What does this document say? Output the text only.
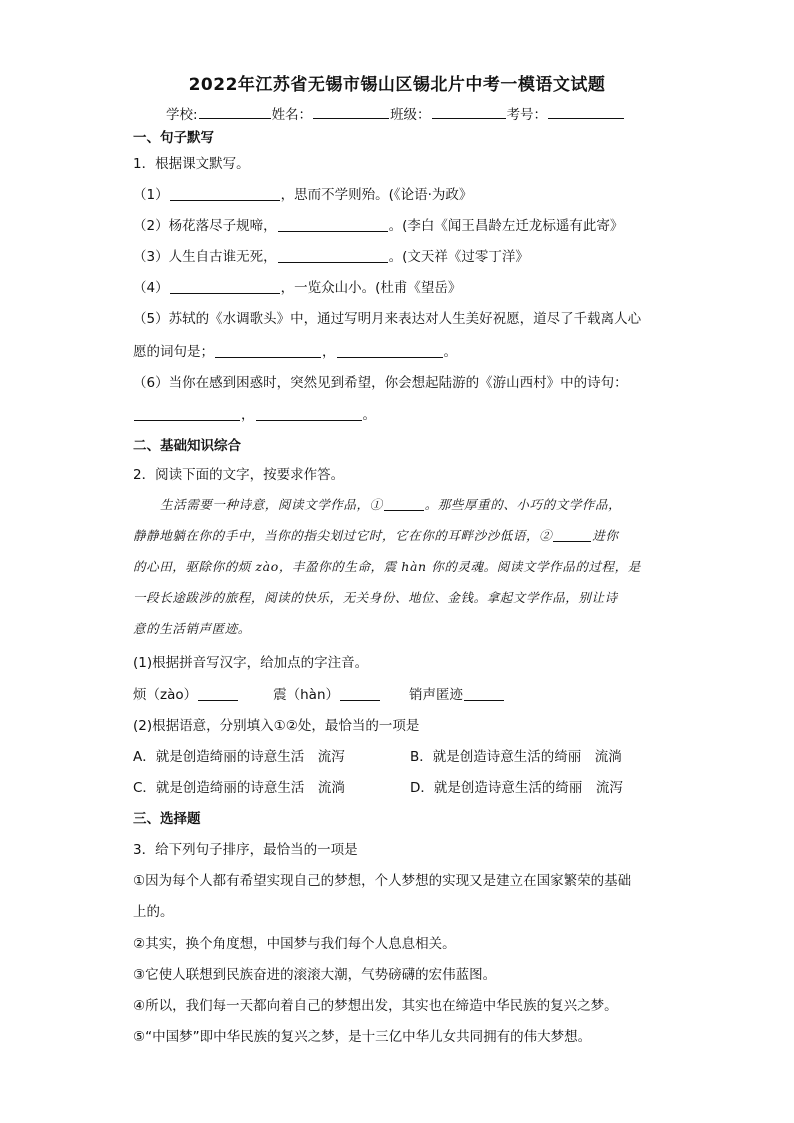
2022年江苏省无锡市锡山区锡北片中考一模语文试题
学校:	姓名：	班级：	考号：
一、句子默写
1．根据课文默写。
（1）	，思而不学则殆。(《论语·为政》
（2）杨花落尽子规啼，	。(李白《闻王昌龄左迁龙标遥有此寄》
（3）人生自古谁无死，	。(文天祥《过零丁洋》
（4）	，一览众山小。(杜甫《望岳》
（5）苏轼的《水调歌头》中，通过写明月来表达对人生美好祝愿，道尽了千载离人心
愿的词句是；	，	。
（6）当你在感到困惑时，突然见到希望，你会想起陆游的《游山西村》中的诗句：
，	。
二、基础知识综合
2．阅读下面的文字，按要求作答。
生活需要一种诗意，阅读文学作品，①	。那些厚重的、小巧的文学作品，
静静地躺在你的手中，当你的指尖划过它时，它在你的耳畔沙沙低语，②	进你
的心田，驱除你的烦 zào，丰盈你的生命，震 hàn 你的灵魂。阅读文学作品的过程，是
一段长途跋涉的旅程，阅读的快乐，无关身份、地位、金钱。拿起文学作品，别让诗
意的生活销声匿迹。
(1)根据拼音写汉字，给加点的字注音。
烦（zào）	震（hàn）	销声匿迹
(2)根据语意，分别填入①②处，最恰当的一项是
A．就是创造绮丽的诗意生活　流泻	B．就是创造诗意生活的绮丽　流淌
C．就是创造绮丽的诗意生活　流淌	D．就是创造诗意生活的绮丽　流泻
三、选择题
3．给下列句子排序，最恰当的一项是
①因为每个人都有希望实现自己的梦想，个人梦想的实现又是建立在国家繁荣的基础
上的。
②其实，换个角度想，中国梦与我们每个人息息相关。
③它使人联想到民族奋进的滚滚大潮，气势磅礴的宏伟蓝图。
④所以，我们每一天都向着自己的梦想出发，其实也在缔造中华民族的复兴之梦。
⑤“中国梦”即中华民族的复兴之梦，是十三亿中华儿女共同拥有的伟大梦想。
